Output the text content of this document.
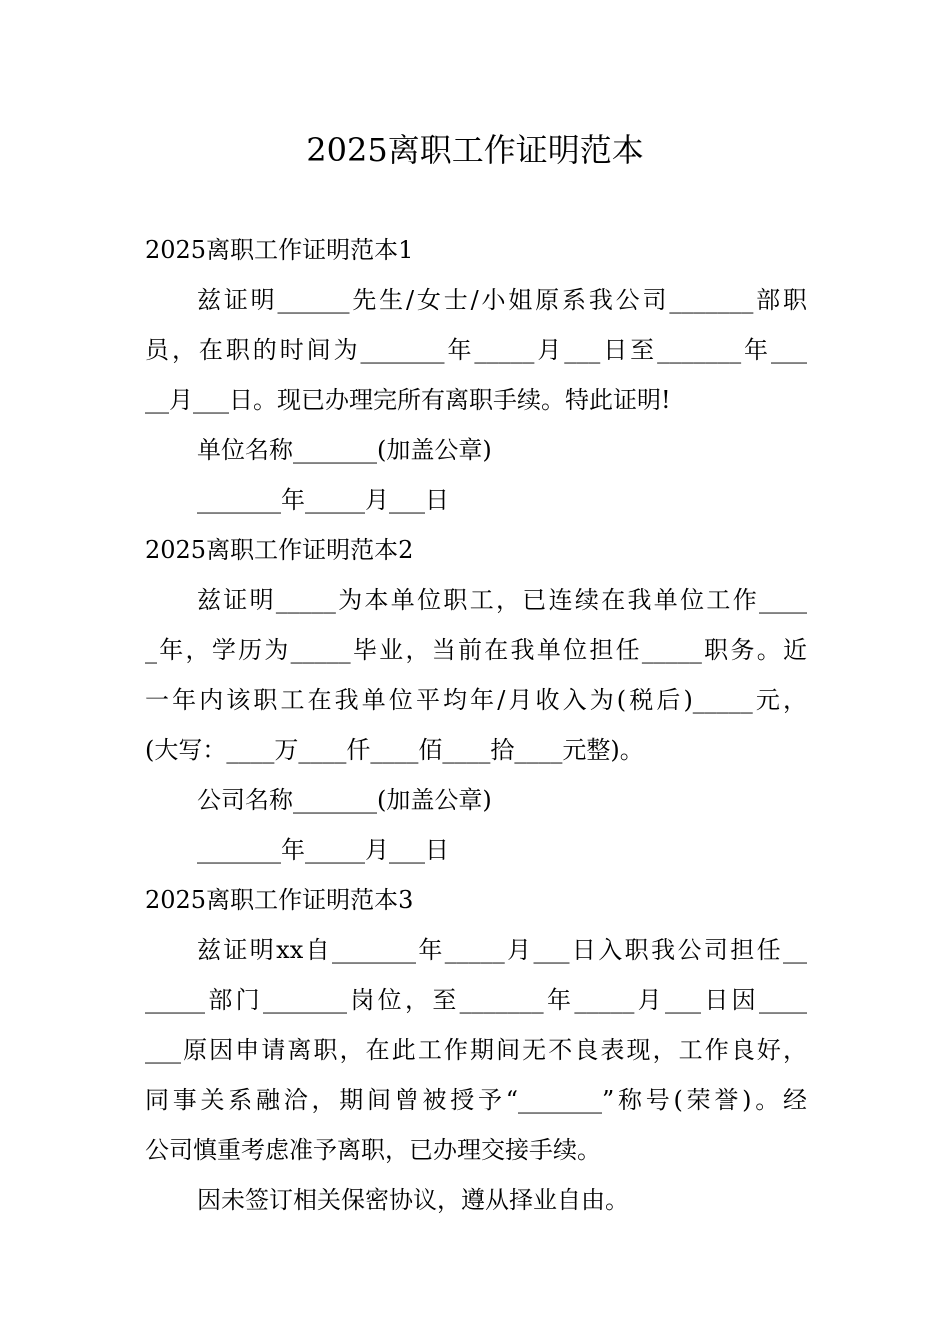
2025离职工作证明范本
2025离职工作证明范本1
兹证明______先生/女士/小姐原系我公司_______部职
员，在职的时间为_______年_____月___日至_______年___
__月___日。现已办理完所有离职手续。特此证明!
单位名称_______(加盖公章)
_______年_____月___日
2025离职工作证明范本2
兹证明_____为本单位职工，已连续在我单位工作____
_年，学历为_____毕业，当前在我单位担任_____职务。近
一年内该职工在我单位平均年/月收入为(税后)_____元，
(大写：____万____仟____佰____拾____元整)。
公司名称_______(加盖公章)
_______年_____月___日
2025离职工作证明范本3
兹证明xx自_______年_____月___日入职我公司担任__
_____部门_______岗位，至_______年_____月___日因____
___原因申请离职，在此工作期间无不良表现，工作良好，
同事关系融洽，期间曾被授予“_______”称号(荣誉)。经
公司慎重考虑准予离职，已办理交接手续。
因未签订相关保密协议，遵从择业自由。
